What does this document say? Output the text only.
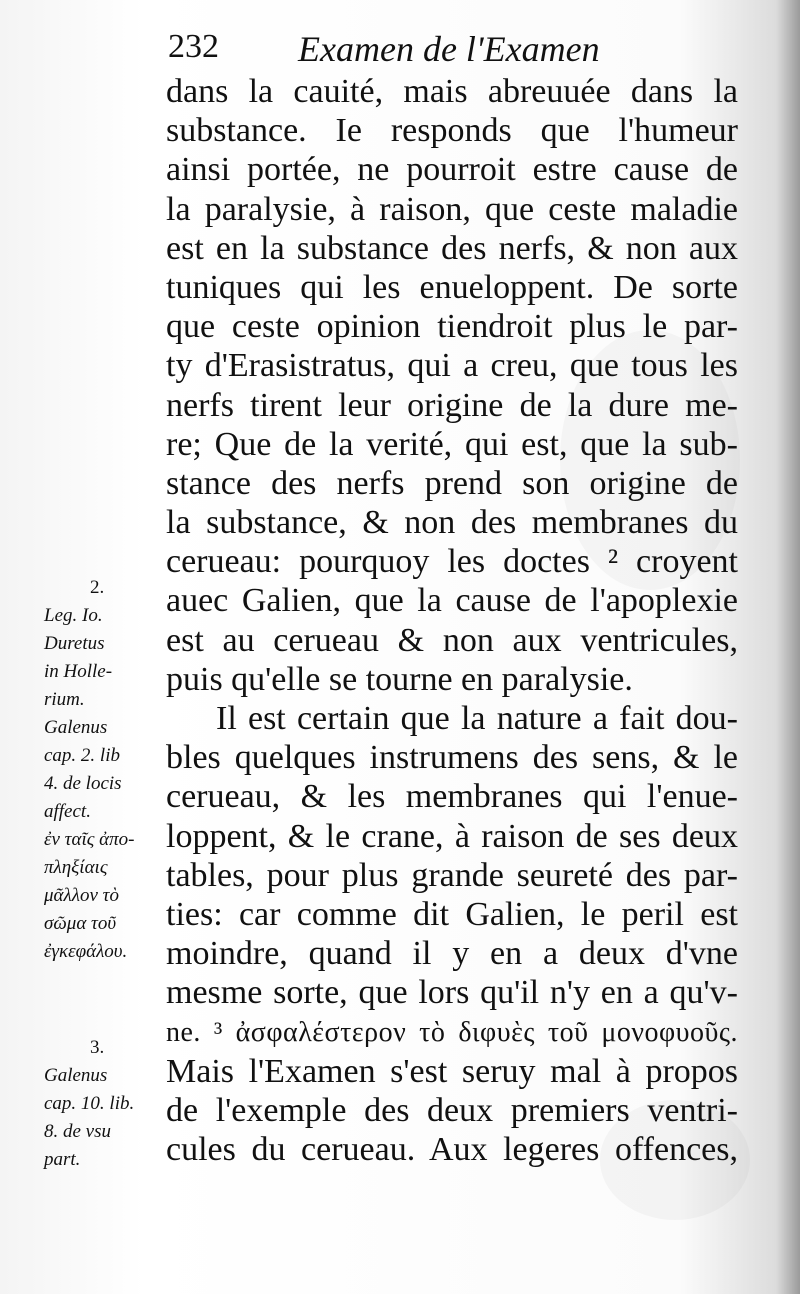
232 Examen de l'Examen
dans la cauité, mais abreuuée dans la
substance. Ie responds que l'humeur
ainsi portée, ne pourroit estre cause de
la paralysie, à raison, que ceste maladie
est en la substance des nerfs, & non aux
tuniques qui les enueloppent. De sorte
que ceste opinion tiendroit plus le par-
ty d'Erasistratus, qui a creu, que tous les
nerfs tirent leur origine de la dure me-
re; Que de la verité, qui est, que la sub-
stance des nerfs prend son origine de
la substance, & non des membranes du
cerueau: pourquoy les doctes ² croyent
auec Galien, que la cause de l'apoplexie
est au cerueau & non aux ventricules,
puis qu'elle se tourne en paralysie.
Il est certain que la nature a fait dou-
bles quelques instrumens des sens, & le
cerueau, & les membranes qui l'enue-
loppent, & le crane, à raison de ses deux
tables, pour plus grande seureté des par-
ties: car comme dit Galien, le peril est
moindre, quand il y en a deux d'vne
mesme sorte, que lors qu'il n'y en a qu'v-
ne. ³ ἀσφαλέστερον τὸ διφυὲς τοῦ μονοφυοῦς.
Mais l'Examen s'est seruy mal à propos
de l'exemple des deux premiers ventri-
cules du cerueau. Aux legeres offences,

2.

Leg. Io.

Duretus

in Holle-

rium.

Galenus

cap. 2. lib

4. de locis

affect.

ἐν ταῖς ἀπο-

πληξίαις

μᾶλλον τὸ

σῶμα τοῦ

ἐγκεφάλου.

3.

Galenus

cap. 10. lib.

8. de vsu

part.
